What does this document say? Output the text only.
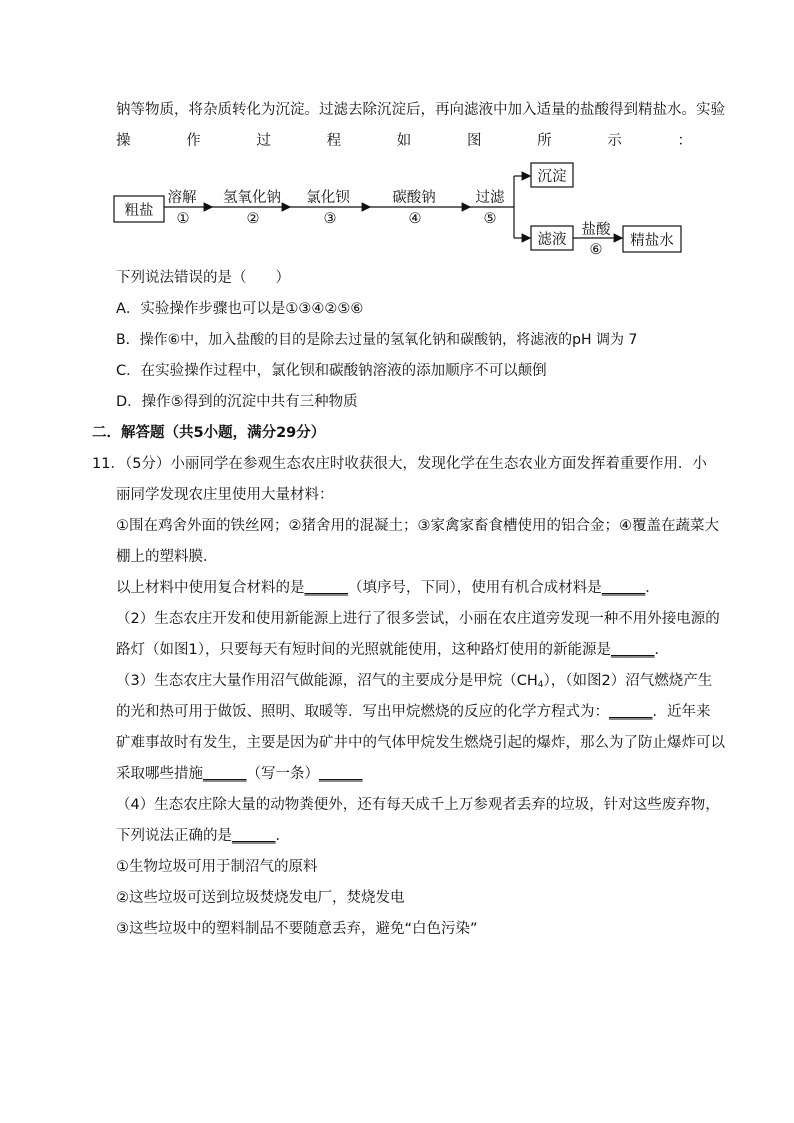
钠等物质，将杂质转化为沉淀。过滤去除沉淀后，再向滤液中加入适量的盐酸得到精盐水。实验
操	作	过	程	如	图	所	示	：
粗盐
溶解
①
氢氧化钠
②
氯化钡
③
碳酸钠
④
过滤
⑤
沉淀
滤液
盐酸
⑥
精盐水
下列说法错误的是（　　）
A．实验操作步骤也可以是①③④②⑤⑥
B．操作⑥中，加入盐酸的目的是除去过量的氢氧化钠和碳酸钠，将滤液的pH 调为 7
C．在实验操作过程中，氯化钡和碳酸钠溶液的添加顺序不可以颠倒
D．操作⑤得到的沉淀中共有三种物质
二．解答题（共5小题，满分29分）
11．（5分）小丽同学在参观生态农庄时收获很大，发现化学在生态农业方面发挥着重要作用．小
丽同学发现农庄里使用大量材料：
①围在鸡舍外面的铁丝网；②猪舍用的混凝土；③家禽家畜食槽使用的铝合金；④覆盖在蔬菜大
棚上的塑料膜．
以上材料中使用复合材料的是______（填序号，下同），使用有机合成材料是______．
（2）生态农庄开发和使用新能源上进行了很多尝试，小丽在农庄道旁发现一种不用外接电源的
路灯（如图1），只要每天有短时间的光照就能使用，这种路灯使用的新能源是______．
（3）生态农庄大量作用沼气做能源，沼气的主要成分是甲烷$(CH_4)$，（如图2）沼气燃烧产生
的光和热可用于做饭、照明、取暖等．写出甲烷燃烧的反应的化学方程式为：______．近年来
矿难事故时有发生，主要是因为矿井中的气体甲烷发生燃烧引起的爆炸，那么为了防止爆炸可以
采取哪些措施______（写一条）______
（4）生态农庄除大量的动物粪便外，还有每天成千上万参观者丢弃的垃圾，针对这些废弃物，
下列说法正确的是______．
①生物垃圾可用于制沼气的原料
②这些垃圾可送到垃圾焚烧发电厂，焚烧发电
③这些垃圾中的塑料制品不要随意丢弃，避免“白色污染”
